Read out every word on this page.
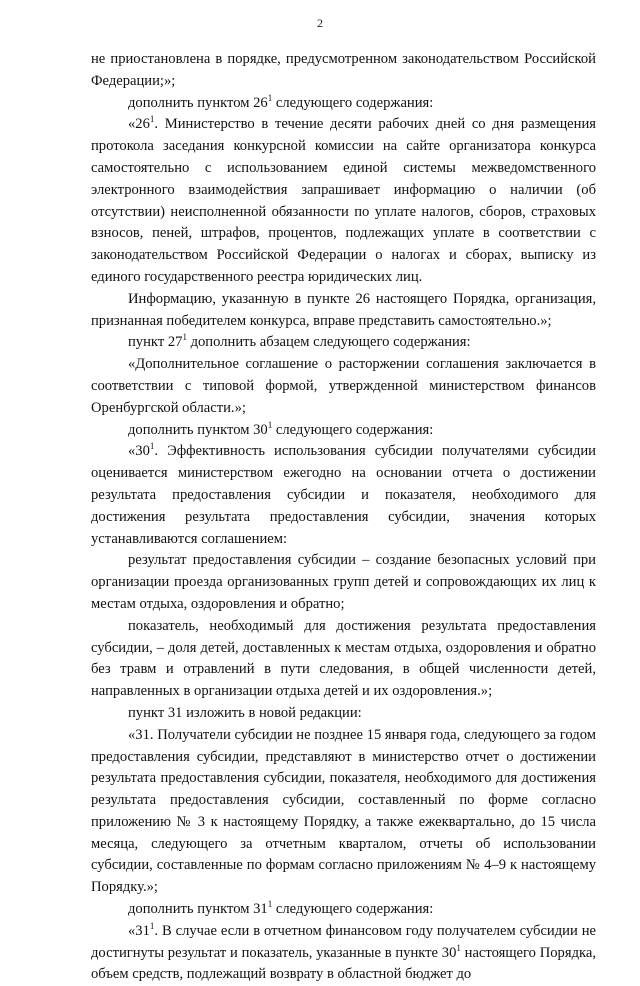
2

не приостановлена в порядке, предусмотренном законодательством Российской Федерации;»;

дополнить пунктом $26^1$ следующего содержания:

«$26^1$. Министерство в течение десяти рабочих дней со дня размещения протокола заседания конкурсной комиссии на сайте организатора конкурса самостоятельно с использованием единой системы межведомственного электронного взаимодействия запрашивает информацию о наличии (об отсутствии) неисполненной обязанности по уплате налогов, сборов, страховых взносов, пеней, штрафов, процентов, подлежащих уплате в соответствии с законодательством Российской Федерации о налогах и сборах, выписку из единого государственного реестра юридических лиц.

Информацию, указанную в пункте 26 настоящего Порядка, организация, признанная победителем конкурса, вправе представить самостоятельно.»;

пункт $27^1$ дополнить абзацем следующего содержания:

«Дополнительное соглашение о расторжении соглашения заключается в соответствии с типовой формой, утвержденной министерством финансов Оренбургской области.»;

дополнить пунктом $30^1$ следующего содержания:

«$30^1$. Эффективность использования субсидии получателями субсидии оценивается министерством ежегодно на основании отчета о достижении результата предоставления субсидии и показателя, необходимого для достижения результата предоставления субсидии, значения которых устанавливаются соглашением:

результат предоставления субсидии – создание безопасных условий при организации проезда организованных групп детей и сопровождающих их лиц к местам отдыха, оздоровления и обратно;

показатель, необходимый для достижения результата предоставления субсидии, – доля детей, доставленных к местам отдыха, оздоровления и обратно без травм и отравлений в пути следования, в общей численности детей, направленных в организации отдыха детей и их оздоровления.»;

пункт 31 изложить в новой редакции:

«31. Получатели субсидии не позднее 15 января года, следующего за годом предоставления субсидии, представляют в министерство отчет о достижении результата предоставления субсидии, показателя, необходимого для достижения результата предоставления субсидии, составленный по форме согласно приложению № 3 к настоящему Порядку, а также ежеквартально, до 15 числа месяца, следующего за отчетным кварталом, отчеты об использовании субсидии, составленные по формам согласно приложениям № 4–9 к настоящему Порядку.»;

дополнить пунктом $31^1$ следующего содержания:

«$31^1$. В случае если в отчетном финансовом году получателем субсидии не достигнуты результат и показатель, указанные в пункте $30^1$ настоящего Порядка, объем средств, подлежащий возврату в областной бюджет до
